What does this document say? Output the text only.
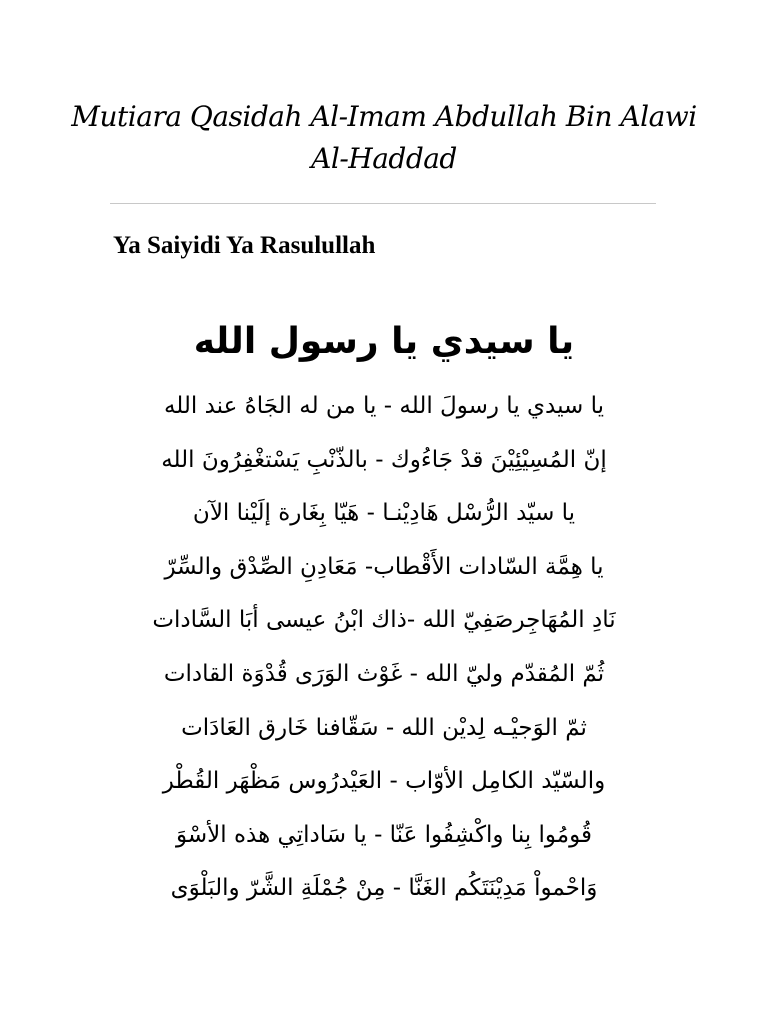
Mutiara Qasidah Al-Imam Abdullah Bin Alawi
Al-Haddad
Ya Saiyidi Ya Rasulullah
يا سيدي يا رسول الله
يا سيدي يا رسولَ الله - يا من له الجَاهُ عند الله
إنّ المُسِيْئِيْنَ قدْ جَاءُوك - بالذّنْبِ يَسْتغْفِرُونَ الله
يا سيّد الرُّسْل هَادِيْنـا - هَيّا بِغَارة إلَيْنا الآن
يا هِمَّة السّادات الأَقْطاب- مَعَادِنِ الصِّدْق والسِّرّ
نَادِ المُهَاجِرصَفِيّ الله -ذاك ابْنُ عيسى أبَا السَّادات
ثُمّ المُقدّم وليّ الله - غَوْث الوَرَى قُدْوَة القادات
ثمّ الوَجيْـه لِديْن الله - سَقّافنا خَارق العَادَات
والسّيّد الكامِل الأوّاب - العَيْدرُوس مَظْهَر القُطْر
قُومُوا بِنا واكْشِفُوا عَنّا - يا سَاداتِي هذه الأسْوَ
وَاحْمواْ مَدِيْنَتَكُم الغَنَّا - مِنْ جُمْلَةِ الشَّرّ والبَلْوَى
